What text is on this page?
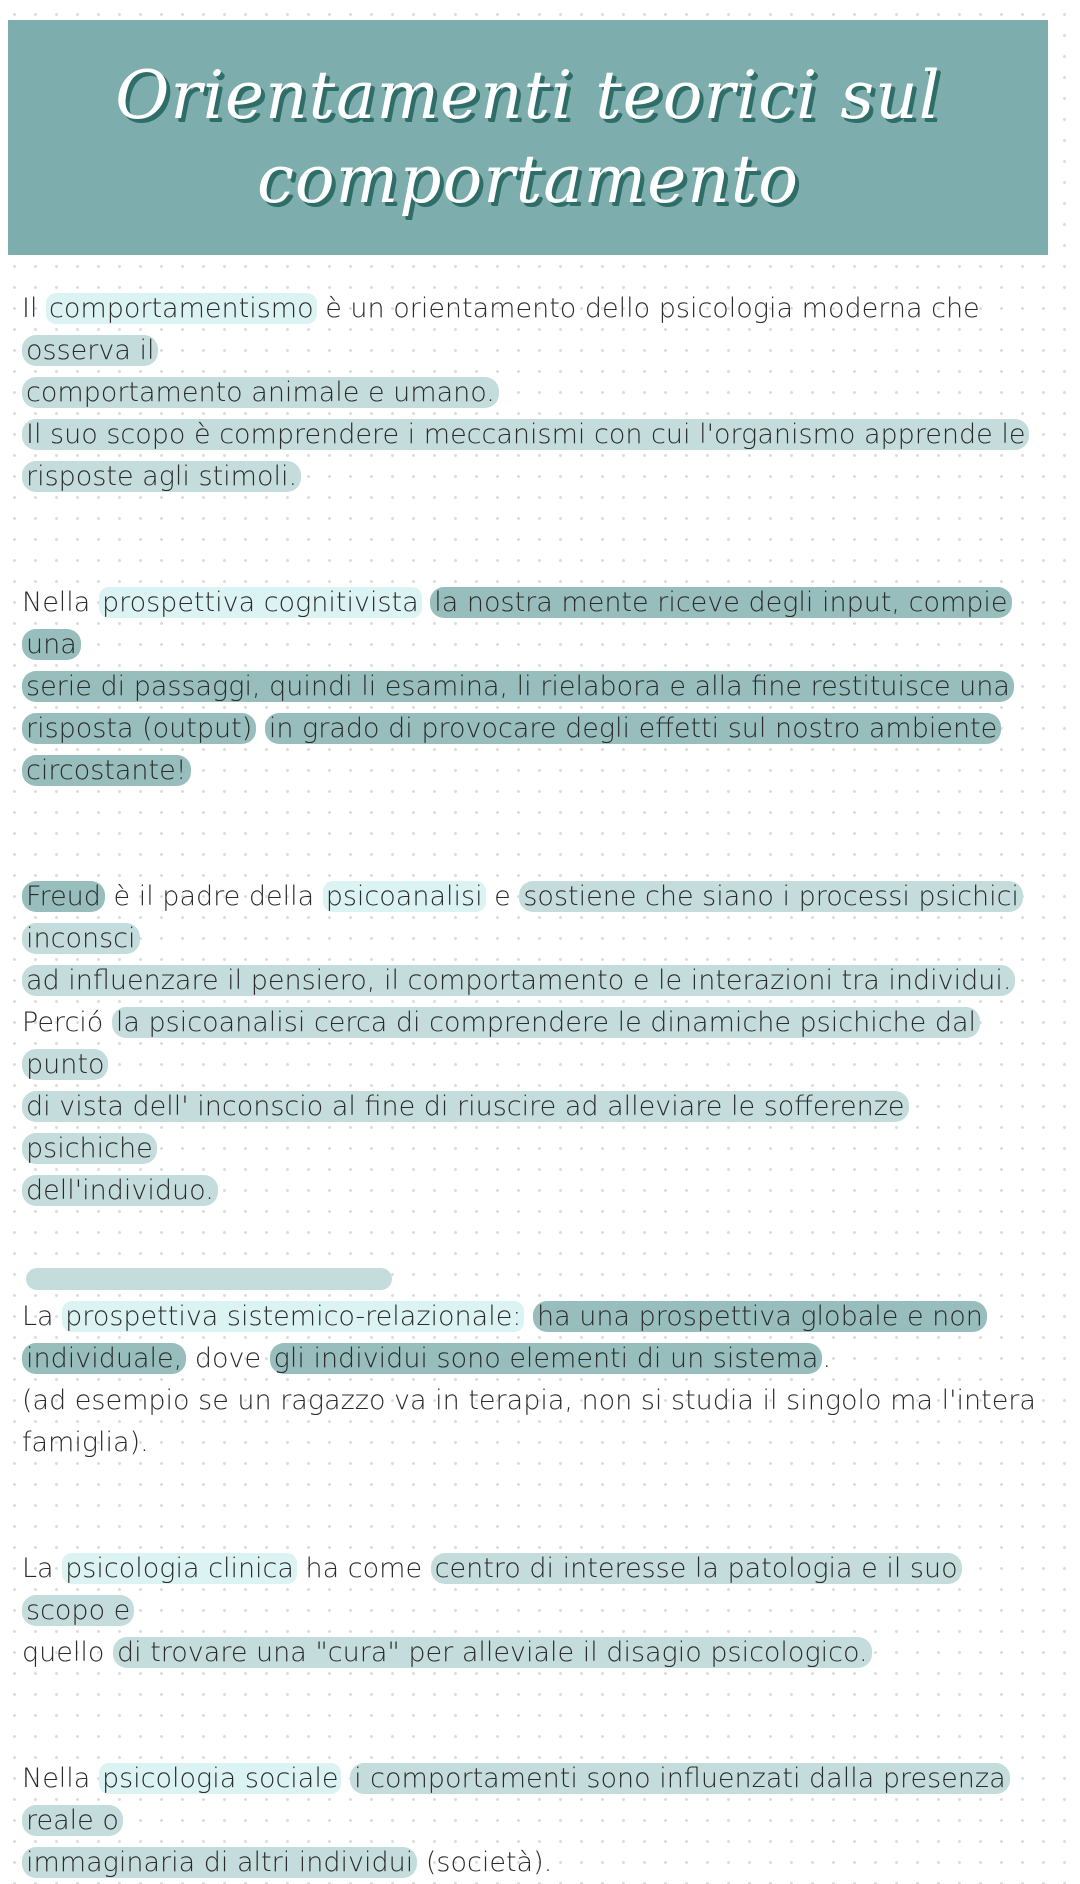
Orientamenti teorici sul
comportamento
Il comportamentismo è un orientamento dello psicologia moderna che osserva il
comportamento animale e umano.
Il suo scopo è comprendere i meccanismi con cui l'organismo apprende le
risposte agli stimoli.
Nella prospettiva cognitivista la nostra mente riceve degli input, compie una
serie di passaggi, quindi li esamina, li rielabora e alla fine restituisce una
risposta (output) in grado di provocare degli effetti sul nostro ambiente
circostante!
Freud è il padre della psicoanalisi e sostiene che siano i processi psichici inconsci
ad influenzare il pensiero, il comportamento e le interazioni tra individui.
Perció la psicoanalisi cerca di comprendere le dinamiche psichiche dal punto
di vista dell' inconscio al fine di riuscire ad alleviare le sofferenze psichiche
dell'individuo.
La prospettiva sistemico-relazionale: ha una prospettiva globale e non
individuale, dove gli individui sono elementi di un sistema .
(ad esempio se un ragazzo va in terapia, non si studia il singolo ma l'intera
famiglia).
La psicologia clinica ha come centro di interesse la patologia e il suo scopo e
quello di trovare una "cura" per alleviale il disagio psicologico.
Nella psicologia sociale i comportamenti sono influenzati dalla presenza reale o
immaginaria di altri individui (società).
